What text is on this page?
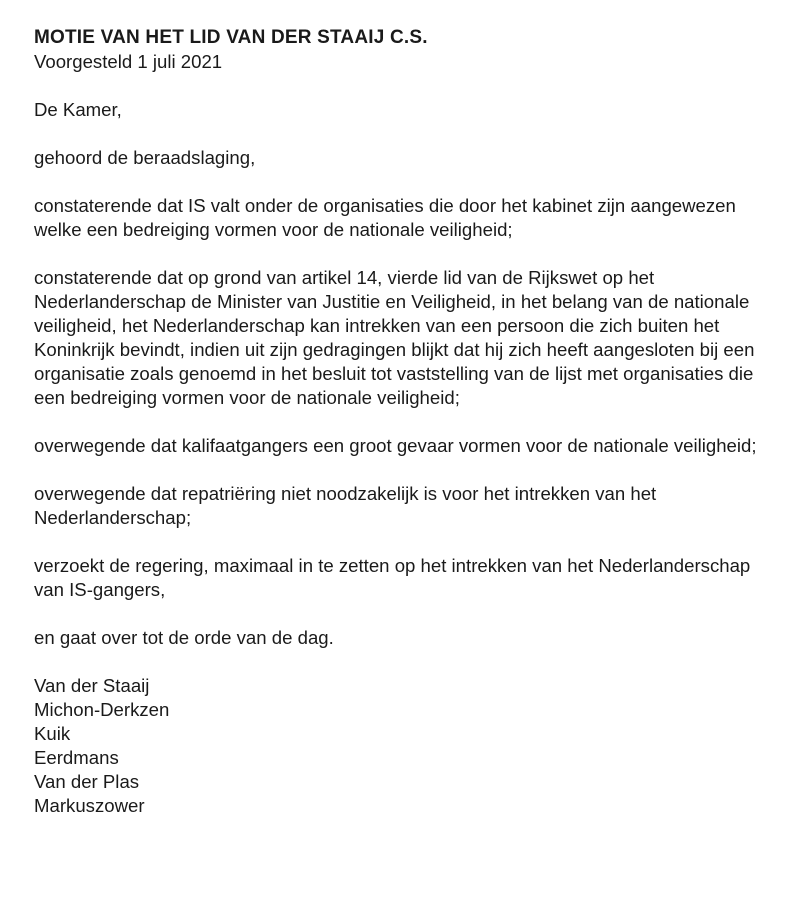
MOTIE VAN HET LID VAN DER STAAIJ C.S.

Voorgesteld 1 juli 2021

De Kamer,

gehoord de beraadslaging,

constaterende dat IS valt onder de organisaties die door het kabinet zijn aangewezen welke een bedreiging vormen voor de nationale veiligheid;

constaterende dat op grond van artikel 14, vierde lid van de Rijkswet op het Nederlanderschap de Minister van Justitie en Veiligheid, in het belang van de nationale veiligheid, het Nederlanderschap kan intrekken van een persoon die zich buiten het Koninkrijk bevindt, indien uit zijn gedragingen blijkt dat hij zich heeft aangesloten bij een organisatie zoals genoemd in het besluit tot vaststelling van de lijst met organisaties die een bedreiging vormen voor de nationale veiligheid;

overwegende dat kalifaatgangers een groot gevaar vormen voor de nationale veiligheid;

overwegende dat repatriëring niet noodzakelijk is voor het intrekken van het Nederlanderschap;

verzoekt de regering, maximaal in te zetten op het intrekken van het Nederlanderschap van IS-gangers,

en gaat over tot de orde van de dag.

Van der Staaij
Michon-Derkzen
Kuik
Eerdmans
Van der Plas
Markuszower
